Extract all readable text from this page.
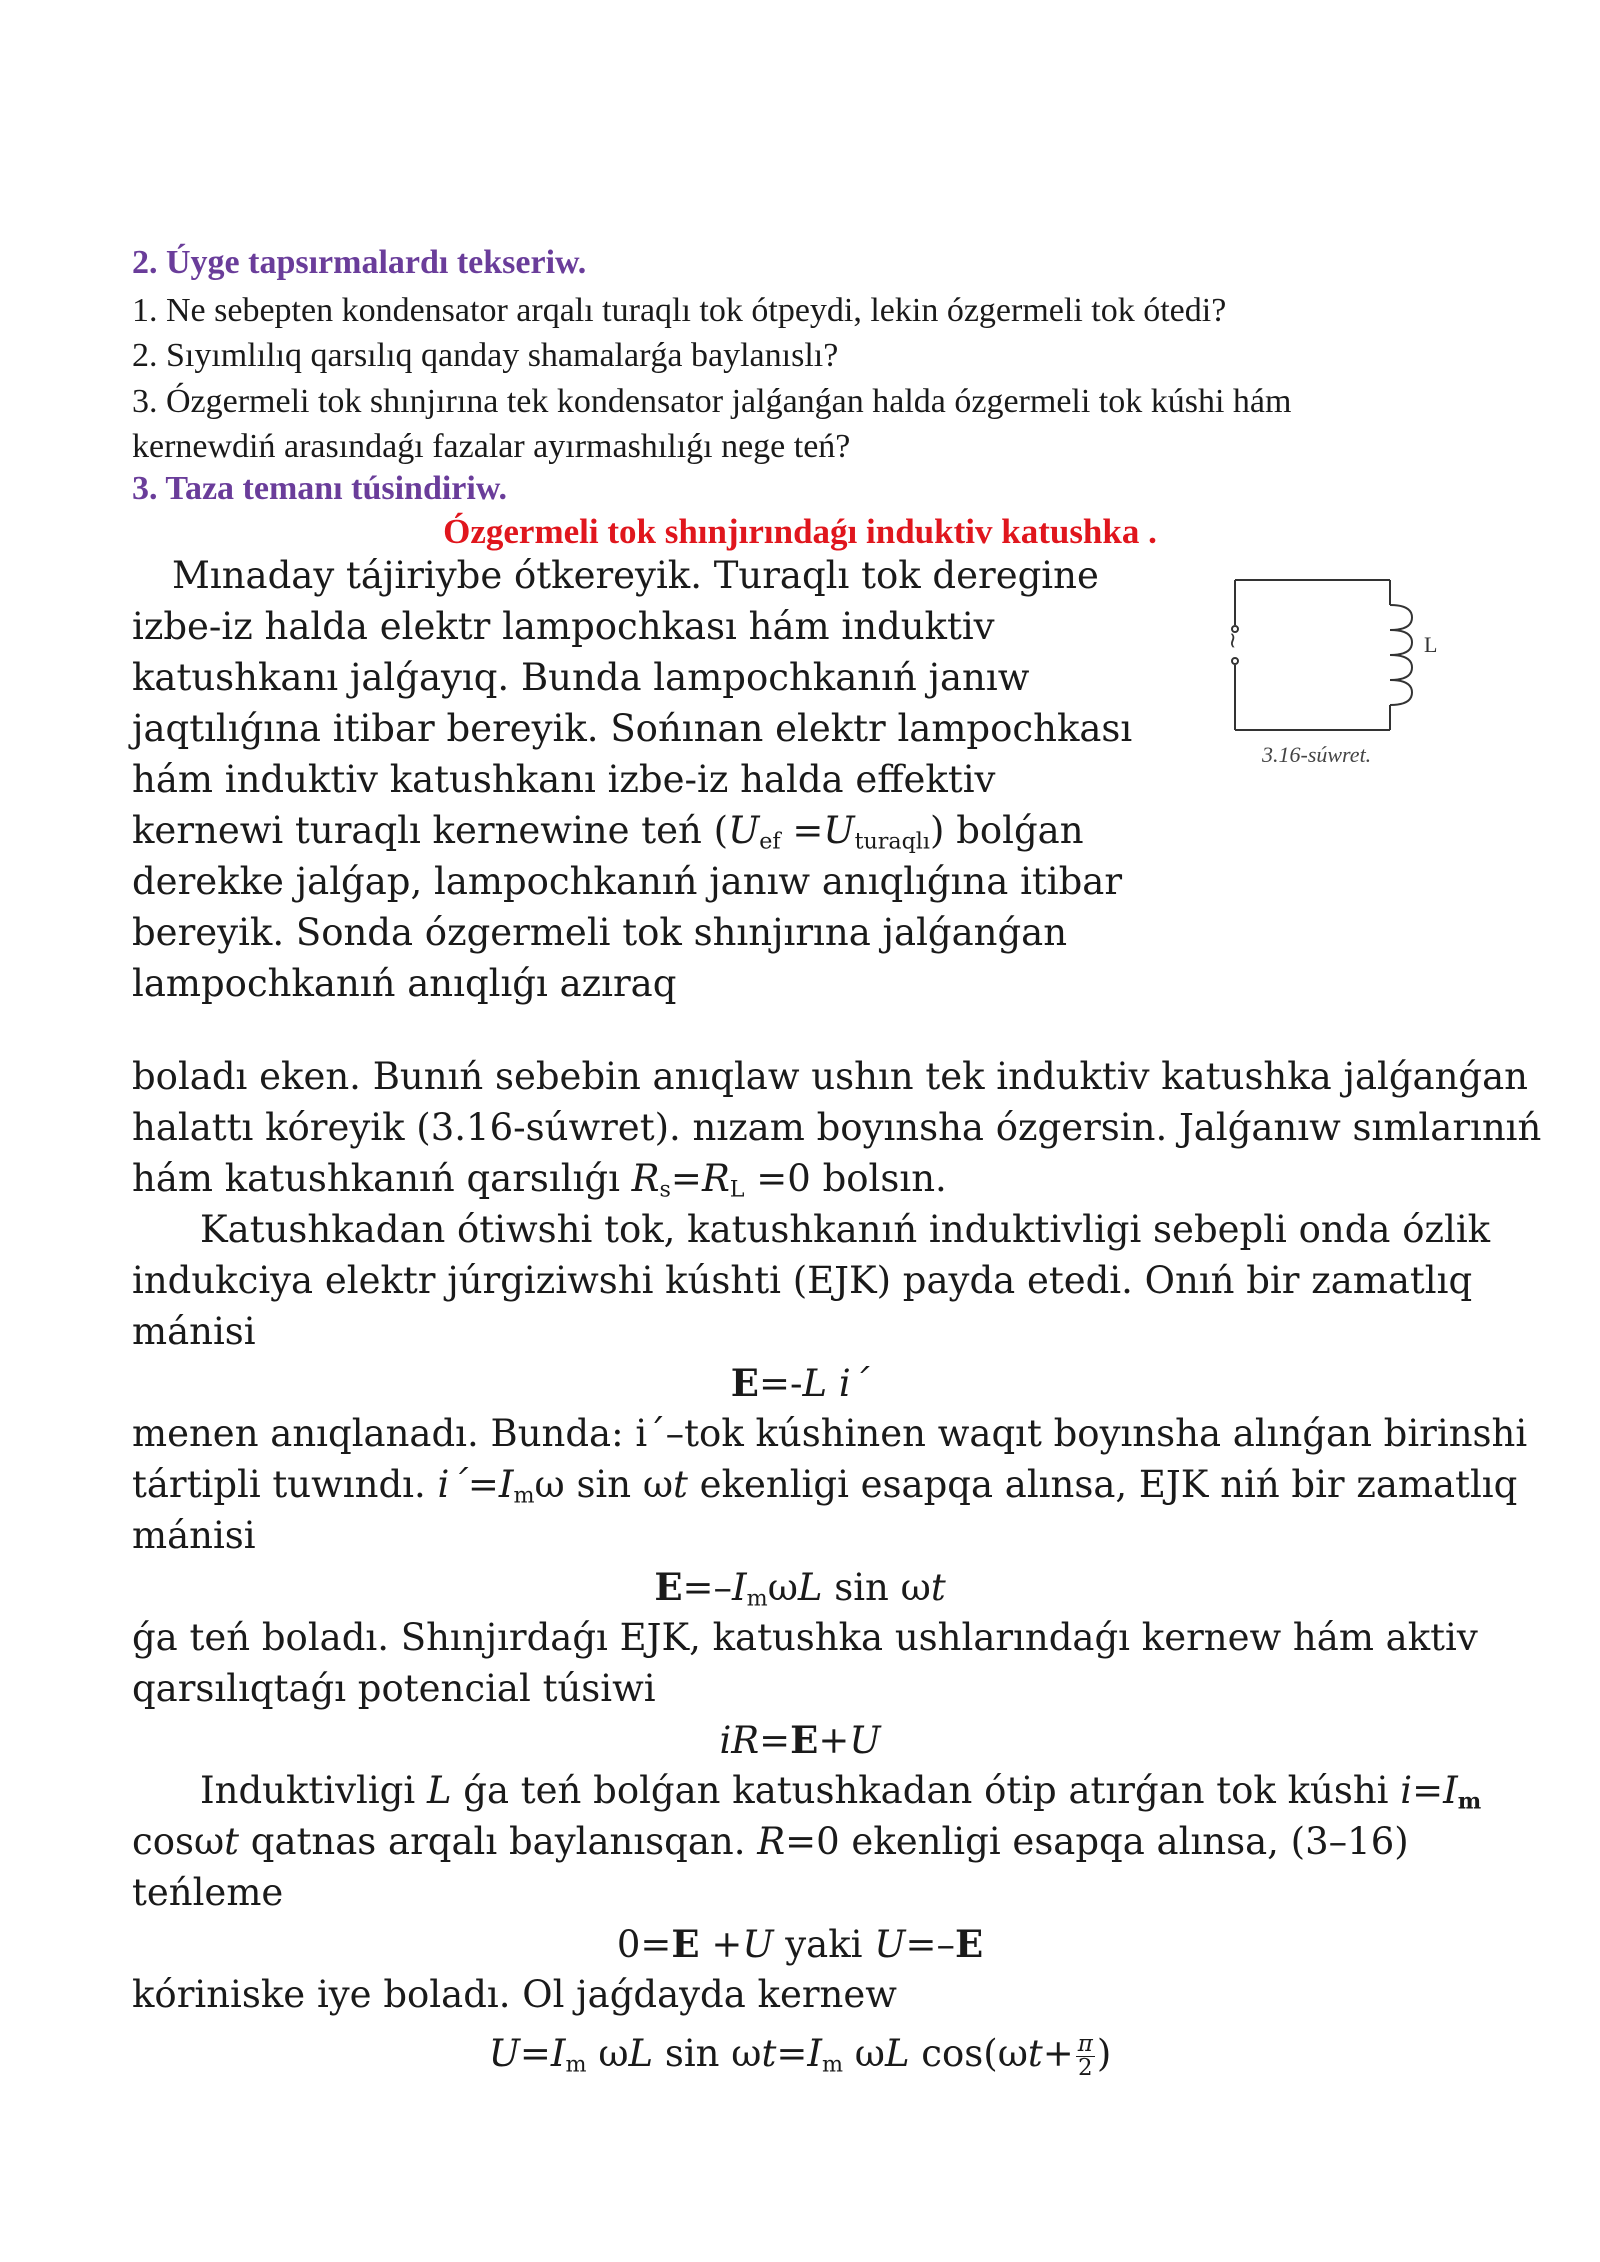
2. Úyge tapsırmalardı tekseriw.
1. Ne sebepten kondensator arqalı turaqlı tok ótpeydi, lekin ózgermeli tok ótedi?
2. Sıyımlılıq qarsılıq qanday shamalarǵa baylanıslı?
3. Ózgermeli tok shınjırına tek kondensator jalǵanǵan halda ózgermeli tok kúshi hám
kernewdiń arasındaǵı fazalar ayırmashılıǵı nege teń?
3. Taza temanı túsindiriw.
Ózgermeli tok shınjırındaǵı induktiv katushka .
~	L
3.16-súwret.
Mınaday tájiriybe ótkereyik. Turaqlı tok deregine
izbe-iz halda elektr lampochkası hám induktiv
katushkanı jalǵayıq. Bunda lampochkanıń janıw
jaqtılıǵına itibar bereyik. Sońınan elektr lampochkası
hám induktiv katushkanı izbe-iz halda effektiv
kernewi turaqlı kernewine teń $(U_{ef} =U_{turaqlı})$ bolǵan
derekke jalǵap, lampochkanıń janıw anıqlıǵına itibar
bereyik. Sonda ózgermeli tok shınjırına jalǵanǵan
lampochkanıń anıqlıǵı azıraq
boladı eken. Bunıń sebebin anıqlaw ushın tek induktiv katushka jalǵanǵan
halattı kóreyik (3.16-súwret). nızam boyınsha ózgersin. Jalǵanıw sımlarınıń
hám katushkanıń qarsılıǵı $R_s=R_L =0$ bolsın.
Katushkadan ótiwshi tok, katushkanıń induktivligi sebepli onda ózlik
indukciya elektr júrgiziwshi kúshti (EJK) payda etedi. Onıń bir zamatlıq
mánisi
E=-L i´
menen anıqlanadı. Bunda: i´–tok kúshinen waqıt boyınsha alınǵan birinshi
tártipli tuwındı. $i´=I_m\omega$ sin ωt ekenligi esapqa alınsa, EJK niń bir zamatlıq
mánisi
$E=-I_m\omega L$ sin ωt
ǵa teń boladı. Shınjırdaǵı EJK, katushka ushlarındaǵı kernew hám aktiv
qarsılıqtaǵı potencial túsiwi
iR=E+U
Induktivligi L ǵa teń bolǵan katushkadan ótip atırǵan tok kúshi $i=I_m$
cosωt qatnas arqalı baylanısqan. R=0 ekenligi esapqa alınsa, (3–16)
teńleme
0=E +U yaki U=–E
kóriniske iye boladı. Ol jaǵdayda kernew
$U=I_m$ ωL $\sin \omega t=I_m$ ωL $\cos(\omega t+ \frac{\pi}{2}$ )
